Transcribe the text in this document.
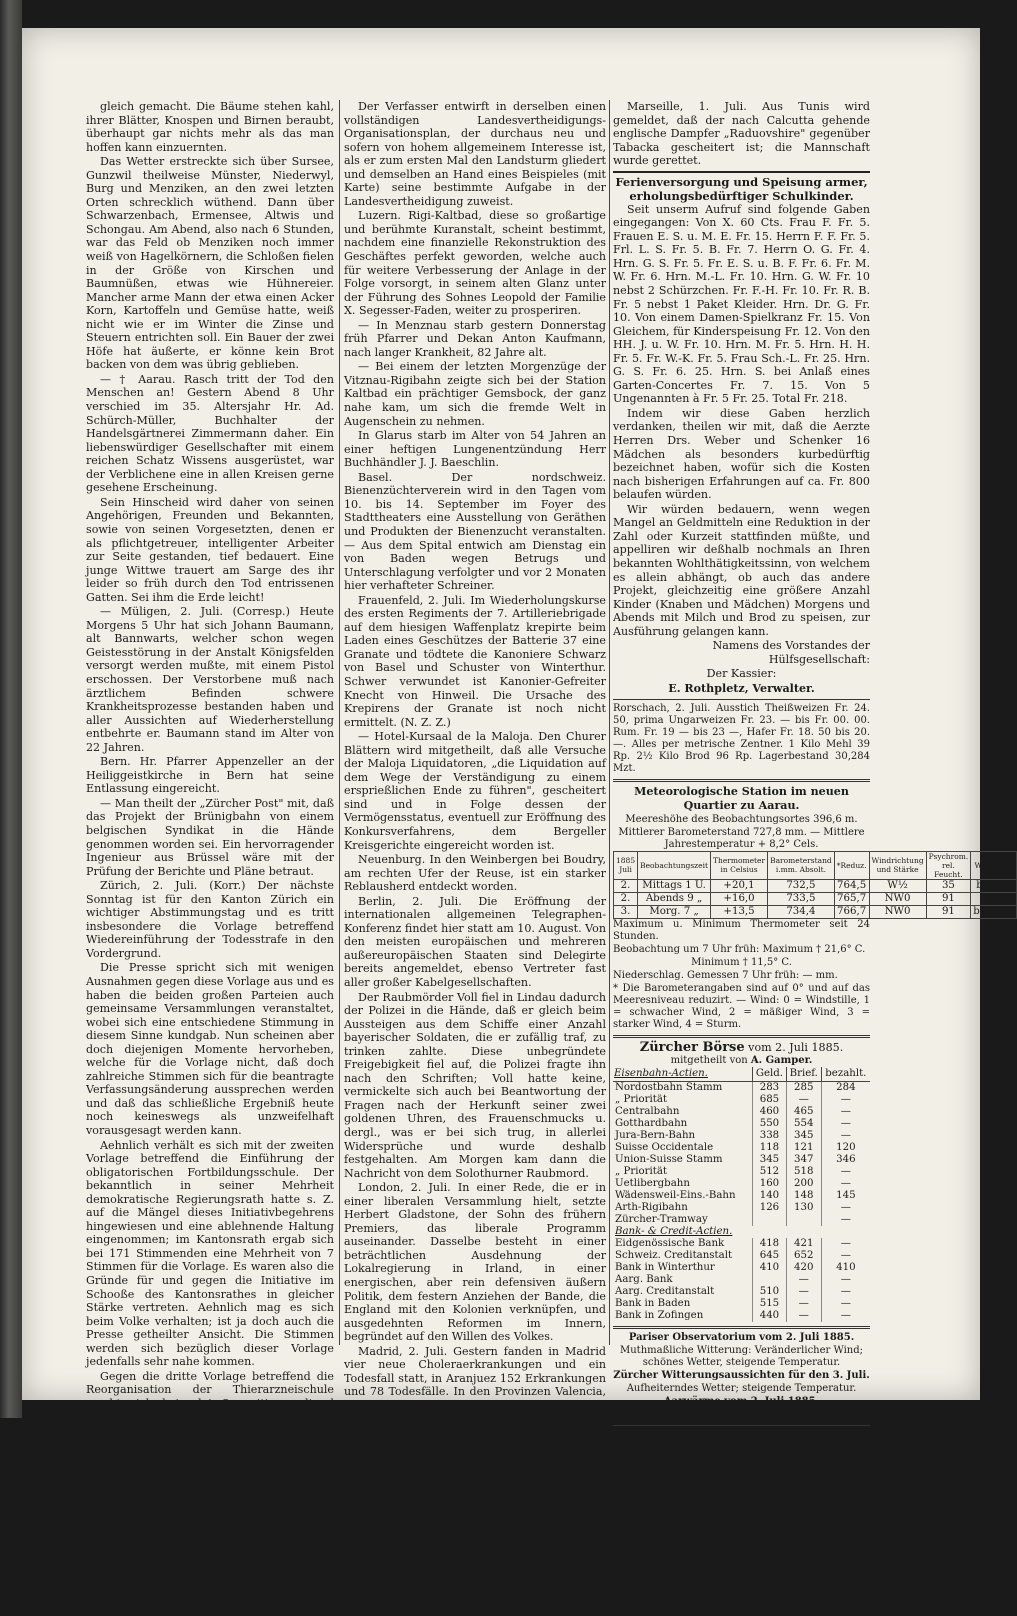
gleich gemacht. Die Bäume stehen kahl, ihrer Blätter, Knospen und Birnen beraubt, überhaupt gar nichts mehr als das man hoffen kann einzuernten.

Das Wetter erstreckte sich über Sursee, Gunzwil theilweise Münster, Niederwyl, Burg und Menziken, an den zwei letzten Orten schrecklich wüthend. Dann über Schwarzenbach, Ermensee, Altwis und Schongau. Am Abend, also nach 6 Stunden, war das Feld ob Menziken noch immer weiß von Hagelkörnern, die Schloßen fielen in der Größe von Kirschen und Baumnüßen, etwas wie Hühnereier. Mancher arme Mann der etwa einen Acker Korn, Kartoffeln und Gemüse hatte, weiß nicht wie er im Winter die Zinse und Steuern entrichten soll. Ein Bauer der zwei Höfe hat äußerte, er könne kein Brot backen von dem was übrig geblieben.

— † Aarau. Rasch tritt der Tod den Menschen an! Gestern Abend 8 Uhr verschied im 35. Altersjahr Hr. Ad. Schürch-Müller, Buchhalter der Handelsgärtnerei Zimmermann daher. Ein liebenswürdiger Gesellschafter mit einem reichen Schatz Wissens ausgerüstet, war der Verblichene eine in allen Kreisen gerne gesehene Erscheinung.

Sein Hinscheid wird daher von seinen Angehörigen, Freunden und Bekannten, sowie von seinen Vorgesetzten, denen er als pflichtgetreuer, intelligenter Arbeiter zur Seite gestanden, tief bedauert. Eine junge Wittwe trauert am Sarge des ihr leider so früh durch den Tod entrissenen Gatten. Sei ihm die Erde leicht!

— Müligen, 2. Juli. (Corresp.) Heute Morgens 5 Uhr hat sich Johann Baumann, alt Bannwarts, welcher schon wegen Geistesstörung in der Anstalt Königsfelden versorgt werden mußte, mit einem Pistol erschossen. Der Verstorbene muß nach ärztlichem Befinden schwere Krankheitsprozesse bestanden haben und aller Aussichten auf Wiederherstellung entbehrte er. Baumann stand im Alter von 22 Jahren.

Bern. Hr. Pfarrer Appenzeller an der Heiliggeistkirche in Bern hat seine Entlassung eingereicht.

— Man theilt der „Zürcher Post" mit, daß das Projekt der Brünigbahn von einem belgischen Syndikat in die Hände genommen worden sei. Ein hervorragender Ingenieur aus Brüssel wäre mit der Prüfung der Berichte und Pläne betraut.

Zürich, 2. Juli. (Korr.) Der nächste Sonntag ist für den Kanton Zürich ein wichtiger Abstimmungstag und es tritt insbesondere die Vorlage betreffend Wiedereinführung der Todesstrafe in den Vordergrund.

Die Presse spricht sich mit wenigen Ausnahmen gegen diese Vorlage aus und es haben die beiden großen Parteien auch gemeinsame Versammlungen veranstaltet, wobei sich eine entschiedene Stimmung in diesem Sinne kundgab. Nun scheinen aber doch diejenigen Momente hervorheben, welche für die Vorlage nicht, daß doch zahlreiche Stimmen sich für die beantragte Verfassungsänderung aussprechen werden und daß das schließliche Ergebniß heute noch keineswegs als unzweifelhaft vorausgesagt werden kann.

Aehnlich verhält es sich mit der zweiten Vorlage betreffend die Einführung der obligatorischen Fortbildungsschule. Der bekanntlich in seiner Mehrheit demokratische Regierungsrath hatte s. Z. auf die Mängel dieses Initiativbegehrens hingewiesen und eine ablehnende Haltung eingenommen; im Kantonsrath ergab sich bei 171 Stimmenden eine Mehrheit von 7 Stimmen für die Vorlage. Es waren also die Gründe für und gegen die Initiative im Schooße des Kantonsrathes in gleicher Stärke vertreten. Aehnlich mag es sich beim Volke verhalten; ist ja doch auch die Presse getheilter Ansicht. Die Stimmen werden sich bezüglich dieser Vorlage jedenfalls sehr nahe kommen.

Gegen die dritte Vorlage betreffend die Reorganisation der Thierarzneischule macht sich keinerlei Opposition geltend und es ist deren Annahme gesichert.

— Zur Enthüllungsfeier des Zwinglidenkmals hat Konrad Ferdinand Meier eine Kantate gedichtet, die von Musikdirektor Gustav Weber komponirt worden ist. Dieselbe soll bei dem Weiheakte von den Vereinen „Harmonie", „Männerchor Zürich" und „Studentengesangverein" vorgetragen werden. Für die Feierlichkeit ist der 16. August in Aussicht genommen.

— Wie wir vernehmen, wird in den nächsten Tagen bei Orell Füßli und Co. der zweite Theil der „Schweiz im Kriegsfall" die Presse verlassen.

Der Verfasser entwirft in derselben einen vollständigen Landesvertheidigungs-Organisationsplan, der durchaus neu und sofern von hohem allgemeinem Interesse ist, als er zum ersten Mal den Landsturm gliedert und demselben an Hand eines Beispieles (mit Karte) seine bestimmte Aufgabe in der Landesvertheidigung zuweist.

Luzern. Rigi-Kaltbad, diese so großartige und berühmte Kuranstalt, scheint bestimmt, nachdem eine finanzielle Rekonstruktion des Geschäftes perfekt geworden, welche auch für weitere Verbesserung der Anlage in der Folge vorsorgt, in seinem alten Glanz unter der Führung des Sohnes Leopold der Familie X. Segesser-Faden, weiter zu prosperiren.

— In Menznau starb gestern Donnerstag früh Pfarrer und Dekan Anton Kaufmann, nach langer Krankheit, 82 Jahre alt.

— Bei einem der letzten Morgenzüge der Vitznau-Rigibahn zeigte sich bei der Station Kaltbad ein prächtiger Gemsbock, der ganz nahe kam, um sich die fremde Welt in Augenschein zu nehmen.

In Glarus starb im Alter von 54 Jahren an einer heftigen Lungenentzündung Herr Buchhändler J. J. Baeschlin.

Basel. Der nordschweiz. Bienenzüchterverein wird in den Tagen vom 10. bis 14. September im Foyer des Stadttheaters eine Ausstellung von Geräthen und Produkten der Bienenzucht veranstalten. — Aus dem Spital entwich am Dienstag ein von Baden wegen Betrugs und Unterschlagung verfolgter und vor 2 Monaten hier verhafteter Schreiner.

Frauenfeld, 2. Juli. Im Wiederholungskurse des ersten Regiments der 7. Artilleriebrigade auf dem hiesigen Waffenplatz krepirte beim Laden eines Geschützes der Batterie 37 eine Granate und tödtete die Kanoniere Schwarz von Basel und Schuster von Winterthur. Schwer verwundet ist Kanonier-Gefreiter Knecht von Hinweil. Die Ursache des Krepirens der Granate ist noch nicht ermittelt. (N. Z. Z.)

— Hotel-Kursaal de la Maloja. Den Churer Blättern wird mitgetheilt, daß alle Versuche der Maloja Liquidatoren, „die Liquidation auf dem Wege der Verständigung zu einem ersprießlichen Ende zu führen", gescheitert sind und in Folge dessen der Vermögensstatus, eventuell zur Eröffnung des Konkursverfahrens, dem Bergeller Kreisgerichte eingereicht worden ist.

Neuenburg. In den Weinbergen bei Boudry, am rechten Ufer der Reuse, ist ein starker Reblausherd entdeckt worden.

Berlin, 2. Juli. Die Eröffnung der internationalen allgemeinen Telegraphen-Konferenz findet hier statt am 10. August. Von den meisten europäischen und mehreren außereuropäischen Staaten sind Delegirte bereits angemeldet, ebenso Vertreter fast aller großer Kabelgesellschaften.

Der Raubmörder Voll fiel in Lindau dadurch der Polizei in die Hände, daß er gleich beim Aussteigen aus dem Schiffe einer Anzahl bayerischer Soldaten, die er zufällig traf, zu trinken zahlte. Diese unbegründete Freigebigkeit fiel auf, die Polizei fragte ihn nach den Schriften; Voll hatte keine, vermickelte sich auch bei Beantwortung der Fragen nach der Herkunft seiner zwei goldenen Uhren, des Frauenschmucks u. dergl., was er bei sich trug, in allerlei Widersprüche und wurde deshalb festgehalten. Am Morgen kam dann die Nachricht von dem Solothurner Raubmord.

London, 2. Juli. In einer Rede, die er in einer liberalen Versammlung hielt, setzte Herbert Gladstone, der Sohn des frühern Premiers, das liberale Programm auseinander. Dasselbe besteht in einer beträchtlichen Ausdehnung der Lokalregierung in Irland, in einer energischen, aber rein defensiven äußern Politik, dem festern Anziehen der Bande, die England mit den Kolonien verknüpfen, und ausgedehnten Reformen im Innern, begründet auf den Willen des Volkes.

Madrid, 2. Juli. Gestern fanden in Madrid vier neue Choleraerkrankungen und ein Todesfall statt, in Aranjuez 152 Erkrankungen und 78 Todesfälle. In den Provinzen Valencia, Murcia, Castellon, Alicante und Saragossa erkrankten im Ganzen ca. 1300 Personen bei 600 Todesfällen.

Paris, 2. Juli. Die Kammer bewilligte auf das Begehren des Ministers Goblet mit 246 gegen 215 Stimmen eine Vermehrung des Kredites für den französischen Klerus in Tunesien und Algerien um 100,000 Fr.

Marseille, 1. Juli. Aus Tunis wird gemeldet, daß der nach Calcutta gehende englische Dampfer „Raduovshire" gegenüber Tabacka gescheitert ist; die Mannschaft wurde gerettet.

Ferienversorgung und Speisung armer, erholungsbedürftiger Schulkinder.

Seit unserm Aufruf sind folgende Gaben eingegangen: Von X. 60 Cts. Frau F. Fr. 5. Frauen E. S. u. M. E. Fr. 15. Herrn F. F. Fr. 5. Frl. L. S. Fr. 5. B. Fr. 7. Herrn O. G. Fr. 4. Hrn. G. S. Fr. 5. Fr. E. S. u. B. F. Fr. 6. Fr. M. W. Fr. 6. Hrn. M.-L. Fr. 10. Hrn. G. W. Fr. 10 nebst 2 Schürzchen. Fr. F.-H. Fr. 10. Fr. R. B. Fr. 5 nebst 1 Paket Kleider. Hrn. Dr. G. Fr. 10. Von einem Damen-Spielkranz Fr. 15. Von Gleichem, für Kinderspeisung Fr. 12. Von den HH. J. u. W. Fr. 10. Hrn. M. Fr. 5. Hrn. H. H. Fr. 5. Fr. W.-K. Fr. 5. Frau Sch.-L. Fr. 25. Hrn. G. S. Fr. 6. 25. Hrn. S. bei Anlaß eines Garten-Concertes Fr. 7. 15. Von 5 Ungenannten à Fr. 5 Fr. 25. Total Fr. 218.

Indem wir diese Gaben herzlich verdanken, theilen wir mit, daß die Aerzte Herren Drs. Weber und Schenker 16 Mädchen als besonders kurbedürftig bezeichnet haben, wofür sich die Kosten nach bisherigen Erfahrungen auf ca. Fr. 800 belaufen würden.

Wir würden bedauern, wenn wegen Mangel an Geldmitteln eine Reduktion in der Zahl oder Kurzeit stattfinden müßte, und appelliren wir deßhalb nochmals an Ihren bekannten Wohlthätigkeitssinn, von welchem es allein abhängt, ob auch das andere Projekt, gleichzeitig eine größere Anzahl Kinder (Knaben und Mädchen) Morgens und Abends mit Milch und Brod zu speisen, zur Ausführung gelangen kann.

Namens des Vorstandes der Hülfsgesellschaft:

Der Kassier:

E. Rothpletz, Verwalter.

Rorschach, 2. Juli. Ausstich Theißweizen Fr. 24. 50, prima Ungarweizen Fr. 23. — bis Fr. 00. 00. Rum. Fr. 19 — bis 23 —, Hafer Fr. 18. 50 bis 20. —. Alles per metrische Zentner. 1 Kilo Mehl 39 Rp. 2½ Kilo Brod 96 Rp. Lagerbestand 30,284 Mzt.

Meteorologische Station im neuen Quartier zu Aarau.

Meereshöhe des Beobachtungsortes 396,6 m.

Mittlerer Barometerstand 727,8 mm. — Mittlere Jahrestemperatur + 8,2° Cels.

1885 Juli	Beobachtungszeit	Thermometer in Celsius	Barometerstand i.mm. Absolt.	*Reduz.	Windrichtung und Stärke	Psychrom. rel. Feucht.	Witterung
2.	Mittags 1 U.	+20,1	732,5	764,5	W½	35	bwölkt
2.	Abends 9 „	+16,0	733,5	765,7	NW0	91	Do.
3.	Morg. 7 „	+13,5	734,4	766,7	NW0	91	bedeckt

Maximum u. Minimum Thermometer seit 24 Stunden.

Beobachtung um 7 Uhr früh: Maximum † 21,6° C.

Minimum † 11,5° C.

Niederschlag. Gemessen 7 Uhr früh: — mm.

* Die Barometerangaben sind auf 0° und auf das Meeresniveau reduzirt. — Wind: 0 = Windstille, 1 = schwacher Wind, 2 = mäßiger Wind, 3 = starker Wind, 4 = Sturm.

Zürcher Börse vom 2. Juli 1885.

mitgetheilt von A. Gamper.

Eisenbahn-Actien.	Geld.	Brief.	bezahlt.
Nordostbahn Stamm	283	285	284
„ Priorität	685	—	—
Centralbahn	460	465	—
Gotthardbahn	550	554	—
Jura-Bern-Bahn	338	345	—
Suisse Occidentale	118	121	120
Union-Suisse Stamm	345	347	346
„ Priorität	512	518	—
Uetlibergbahn	160	200	—
Wädensweil-Eins.-Bahn	140	148	145
Arth-Rigibahn	126	130	—
Zürcher-Tramway			—
Bank- & Credit-Actien.			
Eidgenössische Bank	418	421	—
Schweiz. Creditanstalt	645	652	—
Bank in Winterthur	410	420	410
Aarg. Bank		—	—
Aarg. Creditanstalt	510	—	—
Bank in Baden	515	—	—
Bank in Zofingen	440	—	—

Pariser Observatorium vom 2. Juli 1885.

Muthmaßliche Witterung: Veränderlicher Wind; schönes Wetter, steigende Temperatur.

Zürcher Witterungsaussichten für den 3. Juli.

Aufheiterndes Wetter; steigende Temperatur.

Aarwärme vom 2. Juli 1885.

Morgens: 14¼, Mittags: 16, Abends: 15° R.

Muri, 2. Juli 1885.

Tit. Aargauer Nachrichten!

Ich habe gestern einen Artikel über das Hagelwetter geschickt. Zu meiner Verwunderung kam derselbe nicht in den „Nachrichten", aber im „Tagblatt". Ob ich eine falsche Adresse machte, oder ob es sonst einen Irrthum gab, weiß ich nicht.

Achtungsvollst	Ebert.
